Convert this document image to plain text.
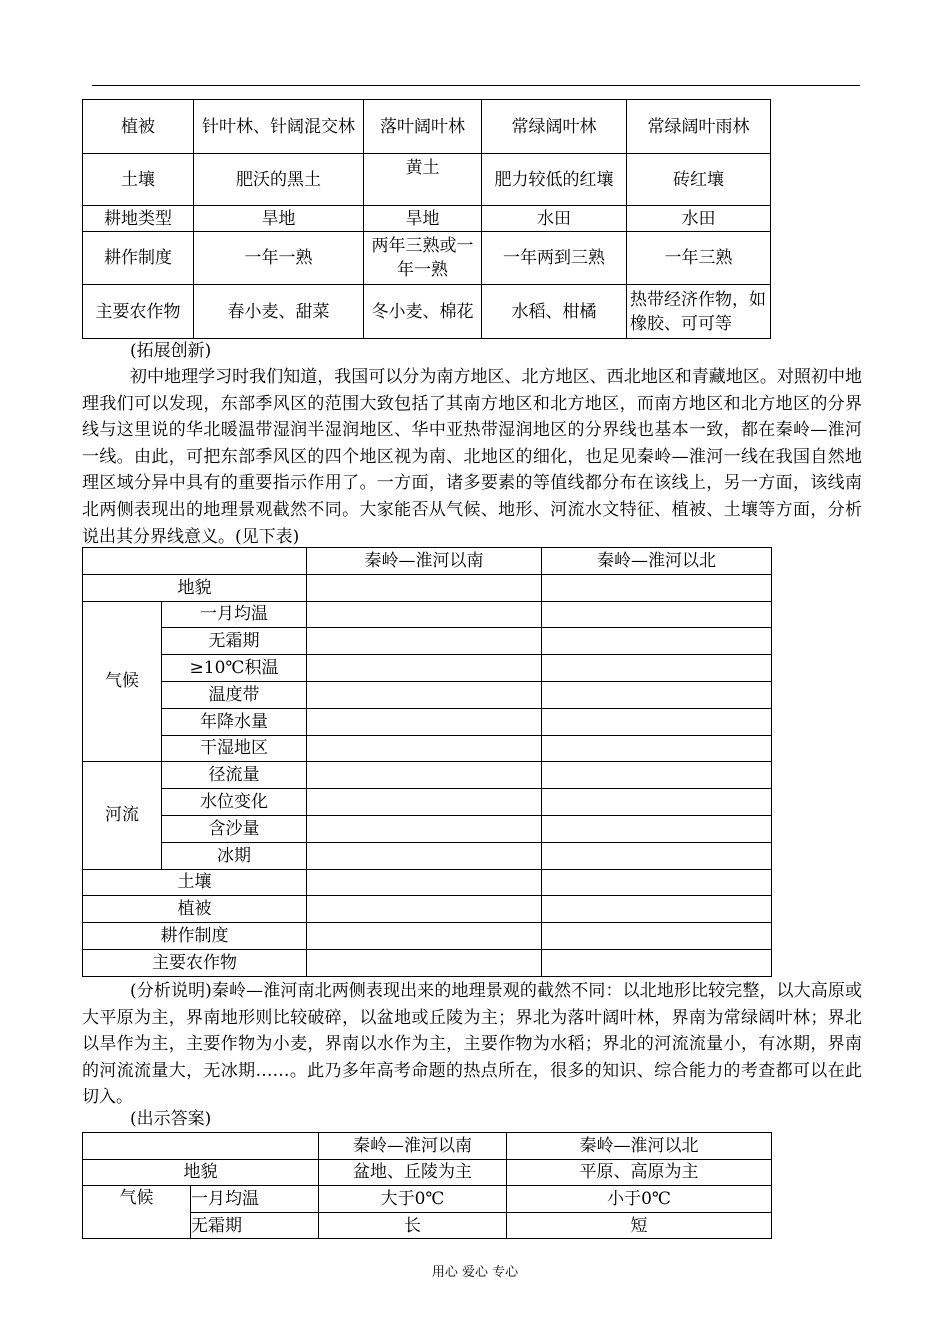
植被	针叶林、针阔混交林	落叶阔叶林	常绿阔叶林	常绿阔叶雨林
土壤	肥沃的黑土	黄土	肥力较低的红壤	砖红壤
耕地类型	旱地	旱地	水田	水田
耕作制度	一年一熟	两年三熟或一年一熟	一年两到三熟	一年三熟
主要农作物	春小麦、甜菜	冬小麦、棉花	水稻、柑橘	热带经济作物，如橡胶、可可等
(拓展创新)
初中地理学习时我们知道，我国可以分为南方地区、北方地区、西北地区和青藏地区。对照初中地理我们可以发现，东部季风区的范围大致包括了其南方地区和北方地区，而南方地区和北方地区的分界线与这里说的华北暖温带湿润半湿润地区、华中亚热带湿润地区的分界线也基本一致，都在秦岭—淮河一线。由此，可把东部季风区的四个地区视为南、北地区的细化，也足见秦岭—淮河一线在我国自然地理区域分异中具有的重要指示作用了。一方面，诸多要素的等值线都分布在该线上，另一方面，该线南北两侧表现出的地理景观截然不同。大家能否从气候、地形、河流水文特征、植被、土壤等方面，分析说出其分界线意义。(见下表)
		秦岭—淮河以南	秦岭—淮河以北
地貌			
气候	一月均温		
	无霜期		
	≥10℃积温		
	温度带		
	年降水量		
	干湿地区		
河流	径流量		
	水位变化		
	含沙量		
	冰期		
土壤			
植被			
耕作制度			
主要农作物			
(分析说明)秦岭—淮河南北两侧表现出来的地理景观的截然不同：以北地形比较完整，以大高原或大平原为主，界南地形则比较破碎，以盆地或丘陵为主；界北为落叶阔叶林，界南为常绿阔叶林；界北以旱作为主，主要作物为小麦，界南以水作为主，主要作物为水稻；界北的河流流量小，有冰期，界南的河流流量大，无冰期……。此乃多年高考命题的热点所在，很多的知识、综合能力的考查都可以在此切入。
(出示答案)
		秦岭—淮河以南	秦岭—淮河以北
地貌		盆地、丘陵为主	平原、高原为主
气候	一月均温	大于0℃	小于0℃
	无霜期	长	短
用心 爱心 专心
